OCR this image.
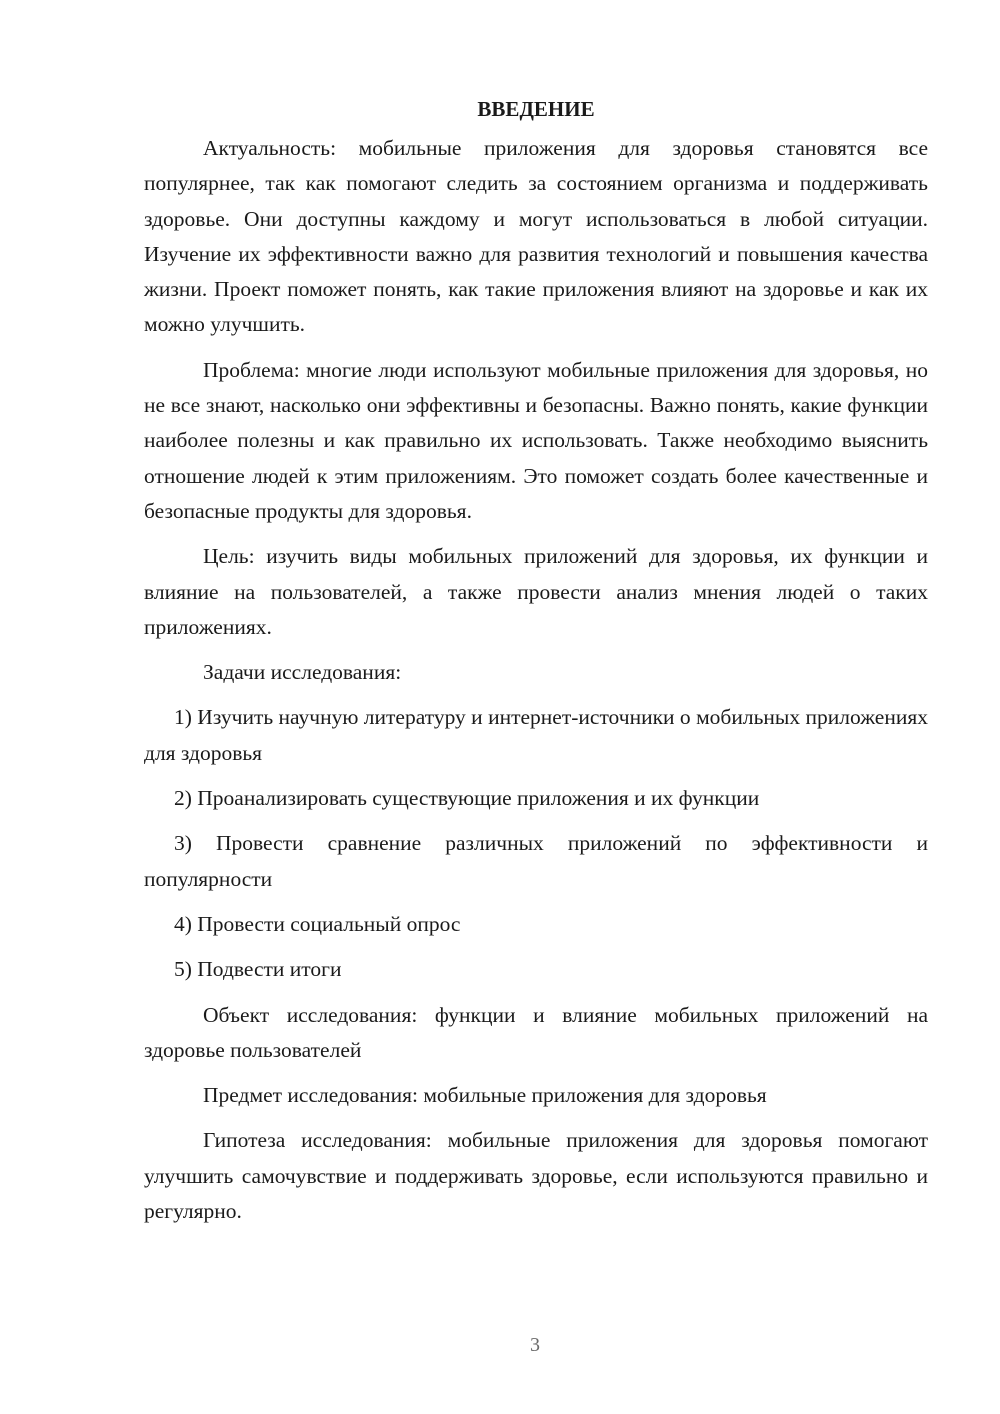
ВВЕДЕНИЕ

Актуальность: мобильные приложения для здоровья становятся все популярнее, так как помогают следить за состоянием организма и поддерживать здоровье. Они доступны каждому и могут использоваться в любой ситуации. Изучение их эффективности важно для развития технологий и повышения качества жизни. Проект поможет понять, как такие приложения влияют на здоровье и как их можно улучшить.

Проблема: многие люди используют мобильные приложения для здоровья, но не все знают, насколько они эффективны и безопасны. Важно понять, какие функции наиболее полезны и как правильно их использовать. Также необходимо выяснить отношение людей к этим приложениям. Это поможет создать более качественные и безопасные продукты для здоровья.

Цель: изучить виды мобильных приложений для здоровья, их функции и влияние на пользователей, а также провести анализ мнения людей о таких приложениях.

Задачи исследования:

1) Изучить научную литературу и интернет-источники о мобильных приложениях для здоровья

2) Проанализировать существующие приложения и их функции

3) Провести сравнение различных приложений по эффективности и популярности

4) Провести социальный опрос

5) Подвести итоги

Объект исследования: функции и влияние мобильных приложений на здоровье пользователей

Предмет исследования: мобильные приложения для здоровья

Гипотеза исследования: мобильные приложения для здоровья помогают улучшить самочувствие и поддерживать здоровье, если используются правильно и регулярно.

3
